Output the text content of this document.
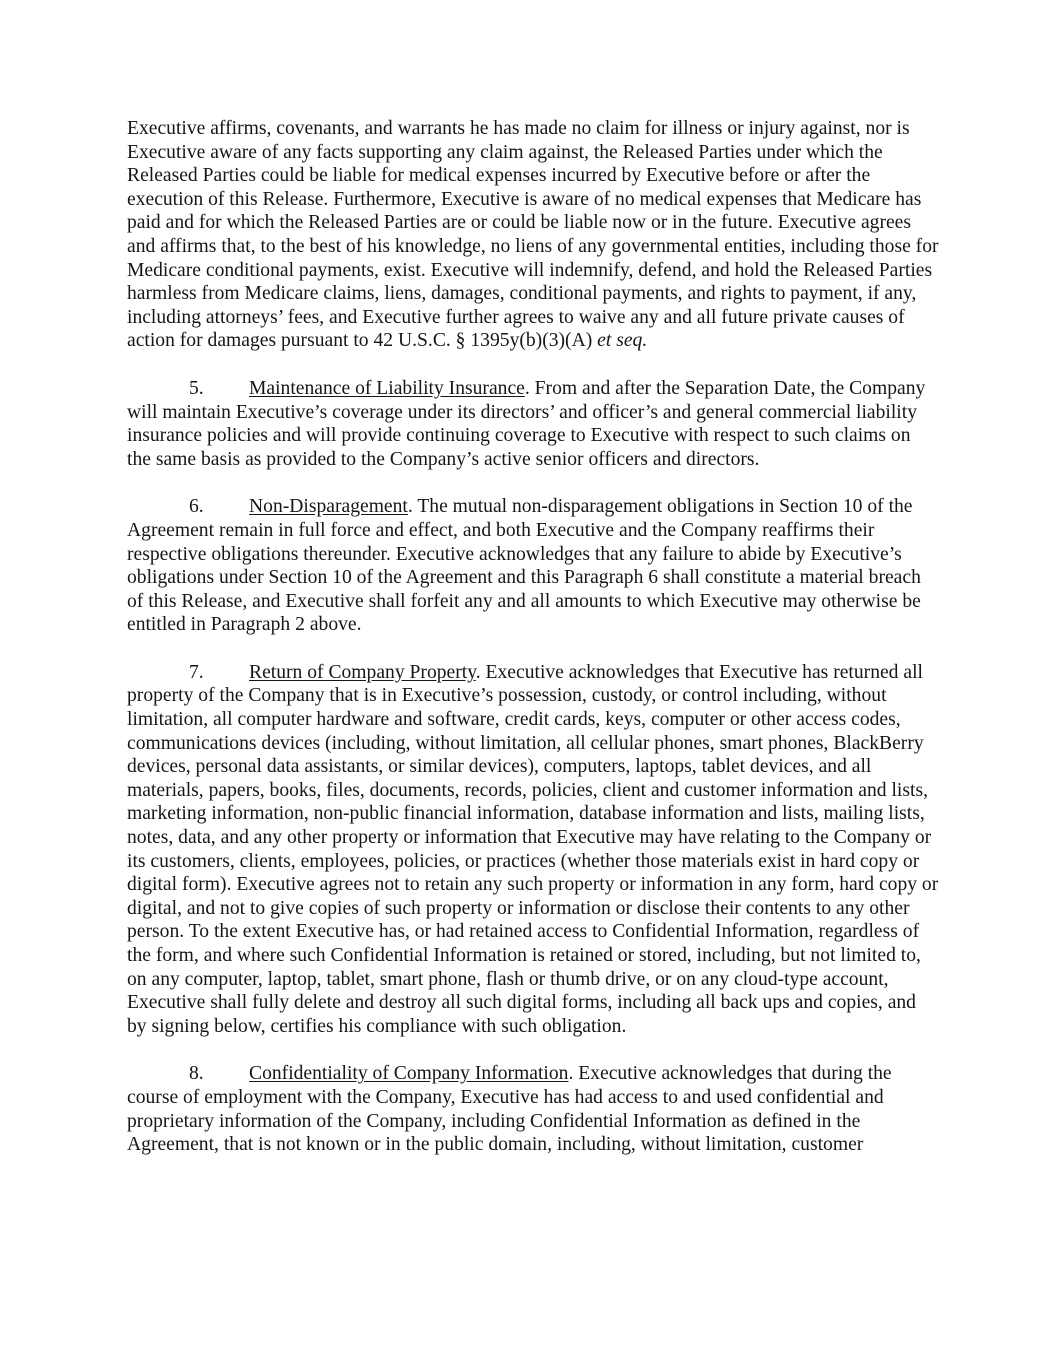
Executive affirms, covenants, and warrants he has made no claim for illness or injury against, nor is Executive aware of any facts supporting any claim against, the Released Parties under which the Released Parties could be liable for medical expenses incurred by Executive before or after the execution of this Release. Furthermore, Executive is aware of no medical expenses that Medicare has paid and for which the Released Parties are or could be liable now or in the future. Executive agrees and affirms that, to the best of his knowledge, no liens of any governmental entities, including those for Medicare conditional payments, exist. Executive will indemnify, defend, and hold the Released Parties harmless from Medicare claims, liens, damages, conditional payments, and rights to payment, if any, including attorneys’ fees, and Executive further agrees to waive any and all future private causes of action for damages pursuant to 42 U.S.C. § 1395y(b)(3)(A) et seq.

5. Maintenance of Liability Insurance. From and after the Separation Date, the Company will maintain Executive’s coverage under its directors’ and officer’s and general commercial liability insurance policies and will provide continuing coverage to Executive with respect to such claims on the same basis as provided to the Company’s active senior officers and directors.

6. Non-Disparagement. The mutual non-disparagement obligations in Section 10 of the Agreement remain in full force and effect, and both Executive and the Company reaffirms their respective obligations thereunder. Executive acknowledges that any failure to abide by Executive’s obligations under Section 10 of the Agreement and this Paragraph 6 shall constitute a material breach of this Release, and Executive shall forfeit any and all amounts to which Executive may otherwise be entitled in Paragraph 2 above.

7. Return of Company Property. Executive acknowledges that Executive has returned all property of the Company that is in Executive’s possession, custody, or control including, without limitation, all computer hardware and software, credit cards, keys, computer or other access codes, communications devices (including, without limitation, all cellular phones, smart phones, BlackBerry devices, personal data assistants, or similar devices), computers, laptops, tablet devices, and all materials, papers, books, files, documents, records, policies, client and customer information and lists, marketing information, non-public financial information, database information and lists, mailing lists, notes, data, and any other property or information that Executive may have relating to the Company or its customers, clients, employees, policies, or practices (whether those materials exist in hard copy or digital form). Executive agrees not to retain any such property or information in any form, hard copy or digital, and not to give copies of such property or information or disclose their contents to any other person. To the extent Executive has, or had retained access to Confidential Information, regardless of the form, and where such Confidential Information is retained or stored, including, but not limited to, on any computer, laptop, tablet, smart phone, flash or thumb drive, or on any cloud-type account, Executive shall fully delete and destroy all such digital forms, including all back ups and copies, and by signing below, certifies his compliance with such obligation.

8. Confidentiality of Company Information. Executive acknowledges that during the course of employment with the Company, Executive has had access to and used confidential and proprietary information of the Company, including Confidential Information as defined in the Agreement, that is not known or in the public domain, including, without limitation, customer
